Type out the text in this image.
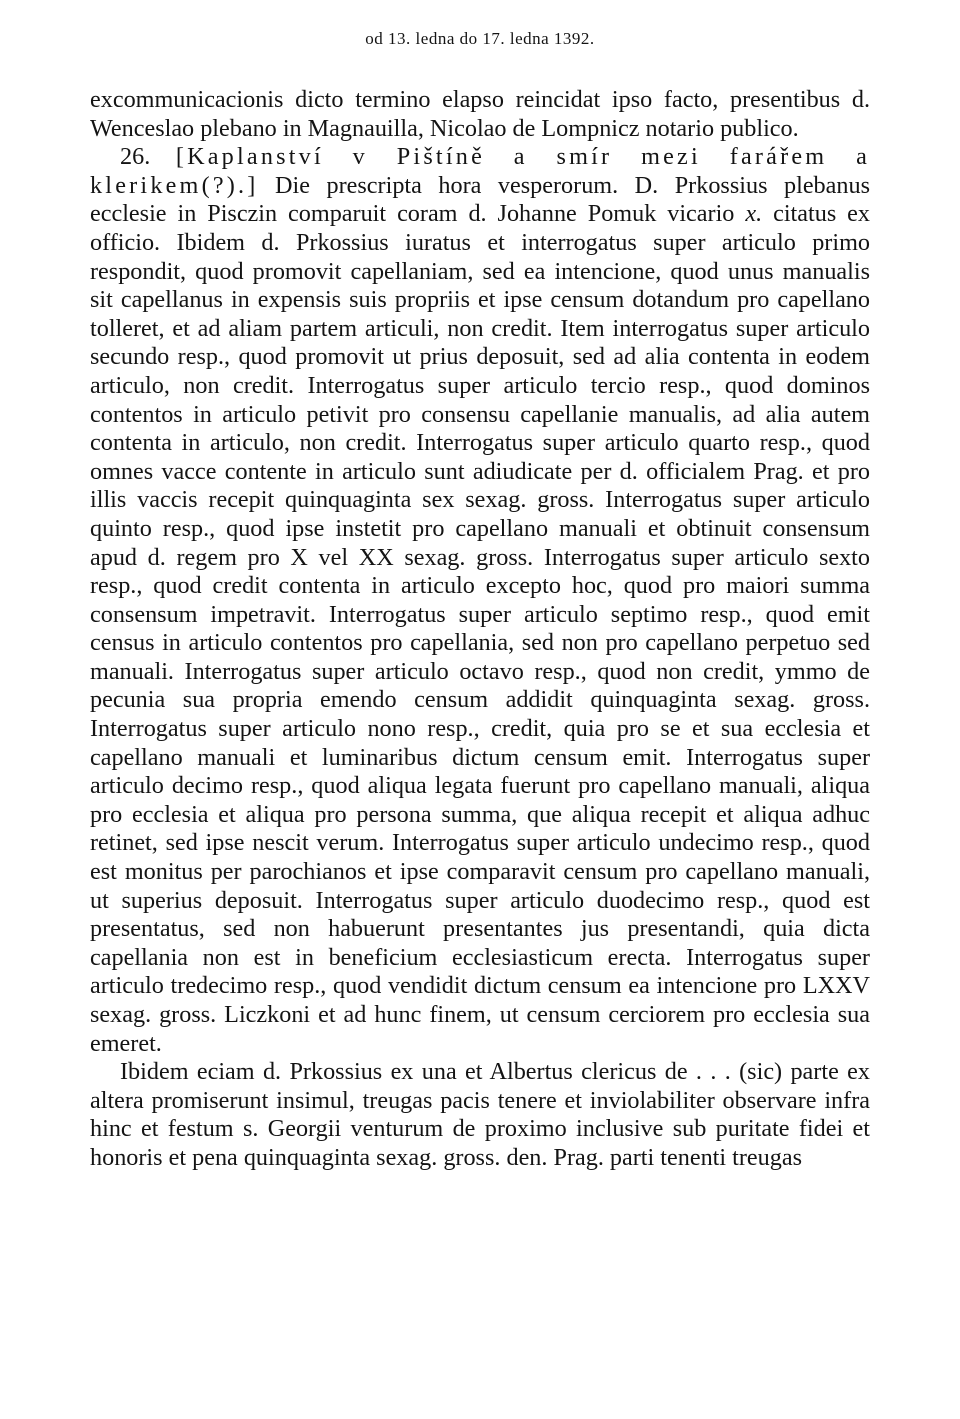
od 13. ledna do 17. ledna 1392.

excommunicacionis dicto termino elapso reincidat ipso facto, presentibus d. Wenceslao plebano in Magnauilla, Nicolao de Lompnicz notario publico.

26. [Kaplanství v Pištíně a smír mezi farářem a klerikem(?).] Die prescripta hora vesperorum. D. Prkossius plebanus ecclesie in Pisczin comparuit coram d. Johanne Pomuk vicario x. citatus ex officio. Ibidem d. Prkossius iuratus et interrogatus super articulo primo respondit, quod promovit capellaniam, sed ea intencione, quod unus manualis sit capellanus in expensis suis propriis et ipse censum dotandum pro capellano tolleret, et ad aliam partem articuli, non credit. Item interrogatus super articulo secundo resp., quod promovit ut prius deposuit, sed ad alia contenta in eodem articulo, non credit. Interrogatus super articulo tercio resp., quod dominos contentos in articulo petivit pro consensu capellanie manualis, ad alia autem contenta in articulo, non credit. Interrogatus super articulo quarto resp., quod omnes vacce contente in articulo sunt adiudicate per d. officialem Prag. et pro illis vaccis recepit quinquaginta sex sexag. gross. Interrogatus super articulo quinto resp., quod ipse instetit pro capellano manuali et obtinuit consensum apud d. regem pro X vel XX sexag. gross. Interrogatus super articulo sexto resp., quod credit contenta in articulo excepto hoc, quod pro maiori summa consensum impetravit. Interrogatus super articulo septimo resp., quod emit census in articulo contentos pro capellania, sed non pro capellano perpetuo sed manuali. Interrogatus super articulo octavo resp., quod non credit, ymmo de pecunia sua propria emendo censum addidit quinquaginta sexag. gross. Interrogatus super articulo nono resp., credit, quia pro se et sua ecclesia et capellano manuali et luminaribus dictum censum emit. Interrogatus super articulo decimo resp., quod aliqua legata fuerunt pro capellano manuali, aliqua pro ecclesia et aliqua pro persona summa, que aliqua recepit et aliqua adhuc retinet, sed ipse nescit verum. Interrogatus super articulo undecimo resp., quod est monitus per parochianos et ipse comparavit censum pro capellano manuali, ut superius deposuit. Interrogatus super articulo duodecimo resp., quod est presentatus, sed non habuerunt presentantes jus presentandi, quia dicta capellania non est in beneficium ecclesiasticum erecta. Interrogatus super articulo tredecimo resp., quod vendidit dictum censum ea intencione pro LXXV sexag. gross. Liczkoni et ad hunc finem, ut censum cerciorem pro ecclesia sua emeret.

Ibidem eciam d. Prkossius ex una et Albertus clericus de . . . (sic) parte ex altera promiserunt insimul, treugas pacis tenere et inviolabiliter observare infra hinc et festum s. Georgii venturum de proximo inclusive sub puritate fidei et honoris et pena quinquaginta sexag. gross. den. Prag. parti tenenti treugas
